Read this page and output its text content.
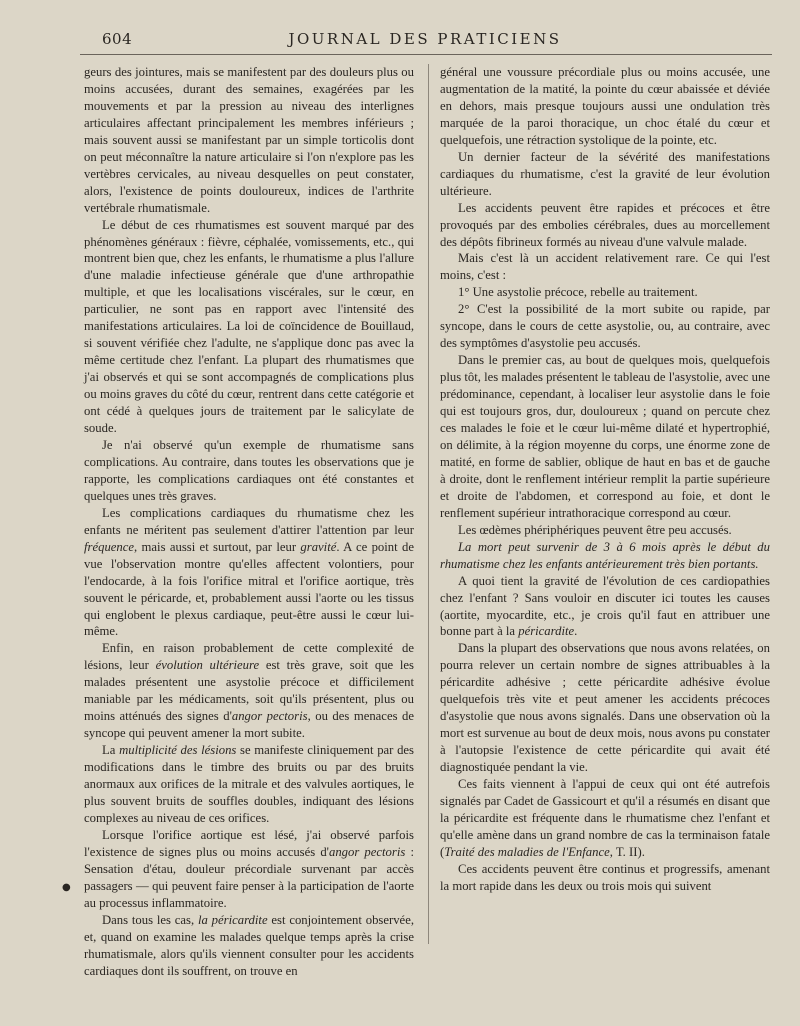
604	JOURNAL DES PRATICIENS

geurs des jointures, mais se manifestent par des douleurs plus ou moins accusées, durant des semaines, exagérées par les mouvements et par la pression au niveau des interlignes articulaires affectant principalement les membres inférieurs ; mais souvent aussi se manifestant par un simple torticolis dont on peut méconnaître la nature articulaire si l'on n'explore pas les vertèbres cervicales, au niveau desquelles on peut constater, alors, l'existence de points douloureux, indices de l'arthrite vertébrale rhumatismale.

Le début de ces rhumatismes est souvent marqué par des phénomènes généraux : fièvre, céphalée, vomissements, etc., qui montrent bien que, chez les enfants, le rhumatisme a plus l'allure d'une maladie infectieuse générale que d'une arthropathie multiple, et que les localisations viscérales, sur le cœur, en particulier, ne sont pas en rapport avec l'intensité des manifestations articulaires. La loi de coïncidence de Bouillaud, si souvent vérifiée chez l'adulte, ne s'applique donc pas avec la même certitude chez l'enfant. La plupart des rhumatismes que j'ai observés et qui se sont accompagnés de complications plus ou moins graves du côté du cœur, rentrent dans cette catégorie et ont cédé à quelques jours de traitement par le salicylate de soude.

Je n'ai observé qu'un exemple de rhumatisme sans complications. Au contraire, dans toutes les observations que je rapporte, les complications cardiaques ont été constantes et quelques unes très graves.

Les complications cardiaques du rhumatisme chez les enfants ne méritent pas seulement d'attirer l'attention par leur fréquence, mais aussi et surtout, par leur gravité. A ce point de vue l'observation montre qu'elles affectent volontiers, pour l'endocarde, à la fois l'orifice mitral et l'orifice aortique, très souvent le péricarde, et, probablement aussi l'aorte ou les tissus qui englobent le plexus cardiaque, peut-être aussi le cœur lui-même.

Enfin, en raison probablement de cette complexité de lésions, leur évolution ultérieure est très grave, soit que les malades présentent une asystolie précoce et difficilement maniable par les médicaments, soit qu'ils présentent, plus ou moins atténués des signes d'angor pectoris, ou des menaces de syncope qui peuvent amener la mort subite.

La multiplicité des lésions se manifeste cliniquement par des modifications dans le timbre des bruits ou par des bruits anormaux aux orifices de la mitrale et des valvules aortiques, le plus souvent bruits de souffles doubles, indiquant des lésions complexes au niveau de ces orifices.

Lorsque l'orifice aortique est lésé, j'ai observé parfois l'existence de signes plus ou moins accusés d'angor pectoris : Sensation d'étau, douleur précordiale survenant par accès passagers — qui peuvent faire penser à la participation de l'aorte au processus inflammatoire.

Dans tous les cas, la péricardite est conjointement observée, et, quand on examine les malades quelque temps après la crise rhumatismale, alors qu'ils viennent consulter pour les accidents cardiaques dont ils souffrent, on trouve en

général une voussure précordiale plus ou moins accusée, une augmentation de la matité, la pointe du cœur abaissée et déviée en dehors, mais presque toujours aussi une ondulation très marquée de la paroi thoracique, un choc étalé du cœur et quelquefois, une rétraction systolique de la pointe, etc.

Un dernier facteur de la sévérité des manifestations cardiaques du rhumatisme, c'est la gravité de leur évolution ultérieure.

Les accidents peuvent être rapides et précoces et être provoqués par des embolies cérébrales, dues au morcellement des dépôts fibrineux formés au niveau d'une valvule malade.

Mais c'est là un accident relativement rare. Ce qui l'est moins, c'est :

1° Une asystolie précoce, rebelle au traitement.

2° C'est la possibilité de la mort subite ou rapide, par syncope, dans le cours de cette asystolie, ou, au contraire, avec des symptômes d'asystolie peu accusés.

Dans le premier cas, au bout de quelques mois, quelquefois plus tôt, les malades présentent le tableau de l'asystolie, avec une prédominance, cependant, à localiser leur asystolie dans le foie qui est toujours gros, dur, douloureux ; quand on percute chez ces malades le foie et le cœur lui-même dilaté et hypertrophié, on délimite, à la région moyenne du corps, une énorme zone de matité, en forme de sablier, oblique de haut en bas et de gauche à droite, dont le renflement intérieur remplit la partie supérieure et droite de l'abdomen, et correspond au foie, et dont le renflement supérieur intrathoracique correspond au cœur.

Les œdèmes phériphériques peuvent être peu accusés.

La mort peut survenir de 3 à 6 mois après le début du rhumatisme chez les enfants antérieurement très bien portants.

A quoi tient la gravité de l'évolution de ces cardiopathies chez l'enfant ? Sans vouloir en discuter ici toutes les causes (aortite, myocardite, etc., je crois qu'il faut en attribuer une bonne part à la péricardite.

Dans la plupart des observations que nous avons relatées, on pourra relever un certain nombre de signes attribuables à la péricardite adhésive ; cette péricardite adhésive évolue quelquefois très vite et peut amener les accidents précoces d'asystolie que nous avons signalés. Dans une observation où la mort est survenue au bout de deux mois, nous avons pu constater à l'autopsie l'existence de cette péricardite qui avait été diagnostiquée pendant la vie.

Ces faits viennent à l'appui de ceux qui ont été autrefois signalés par Cadet de Gassicourt et qu'il a résumés en disant que la péricardite est fréquente dans le rhumatisme chez l'enfant et qu'elle amène dans un grand nombre de cas la terminaison fatale (Traité des maladies de l'Enfance, T. II).

Ces accidents peuvent être continus et progressifs, amenant la mort rapide dans les deux ou trois mois qui suivent

●
